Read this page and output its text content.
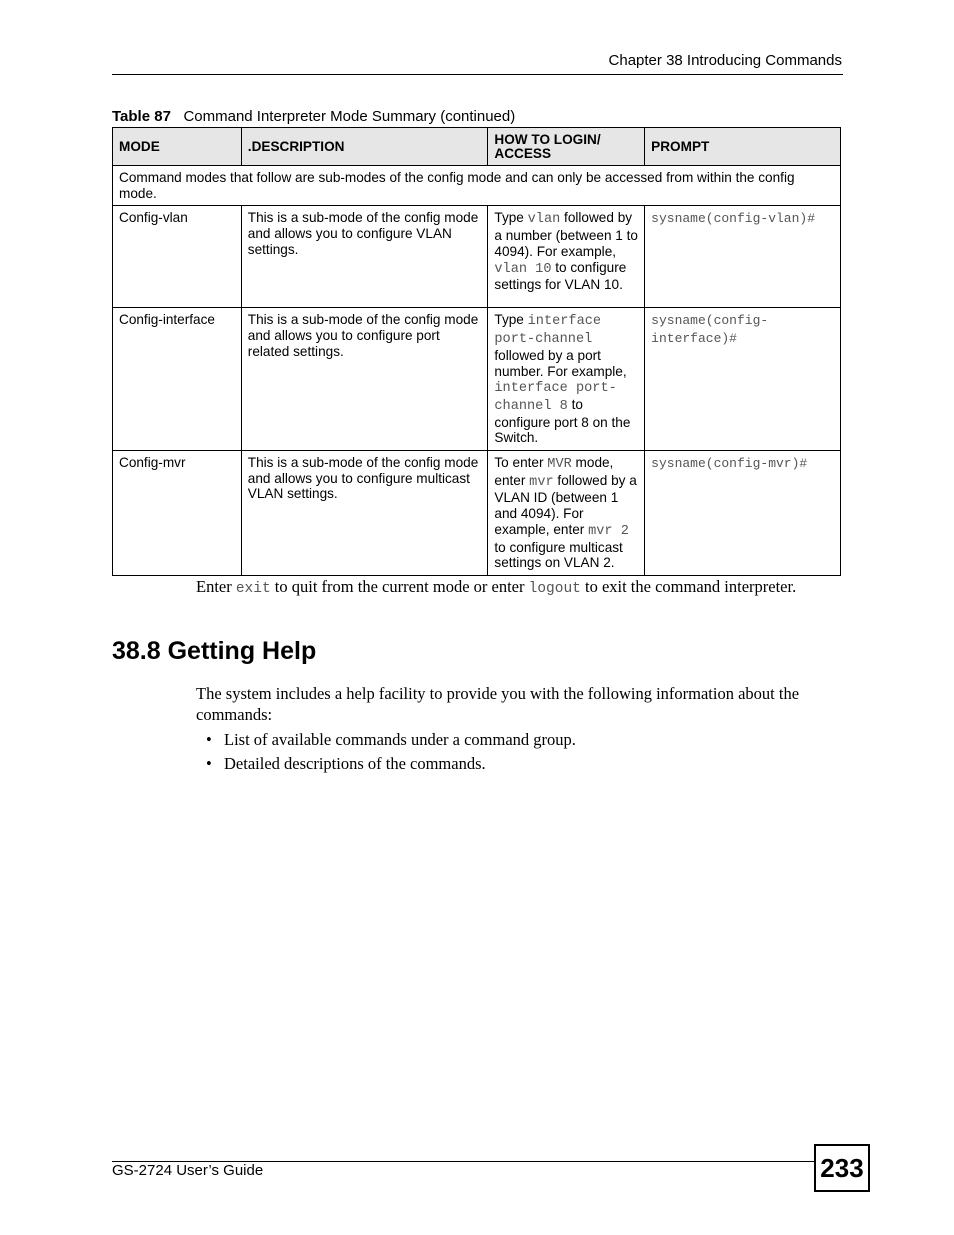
Chapter 38 Introducing Commands
Table 87 Command Interpreter Mode Summary (continued)
MODE	.DESCRIPTION	HOW TO LOGIN/ ACCESS	PROMPT
Command modes that follow are sub-modes of the config mode and can only be accessed from within the config mode.			
Config-vlan	This is a sub-mode of the config mode and allows you to configure VLAN settings.	Type vlan followed by a number (between 1 to 4094). For example, vlan 10 to configure settings for VLAN 10.	sysname(config-vlan)#
Config-interface	This is a sub-mode of the config mode and allows you to configure port related settings.	Type interface port-channel followed by a port number. For example, interface port-channel 8 to configure port 8 on the Switch.	sysname(config-interface)#
Config-mvr	This is a sub-mode of the config mode and allows you to configure multicast VLAN settings.	To enter MVR mode, enter mvr followed by a VLAN ID (between 1 and 4094). For example, enter mvr 2 to configure multicast settings on VLAN 2.	sysname(config-mvr)#
Enter exit to quit from the current mode or enter logout to exit the command interpreter.
38.8 Getting Help
The system includes a help facility to provide you with the following information about the commands:
• List of available commands under a command group.
• Detailed descriptions of the commands.
GS-2724 User’s Guide	233
